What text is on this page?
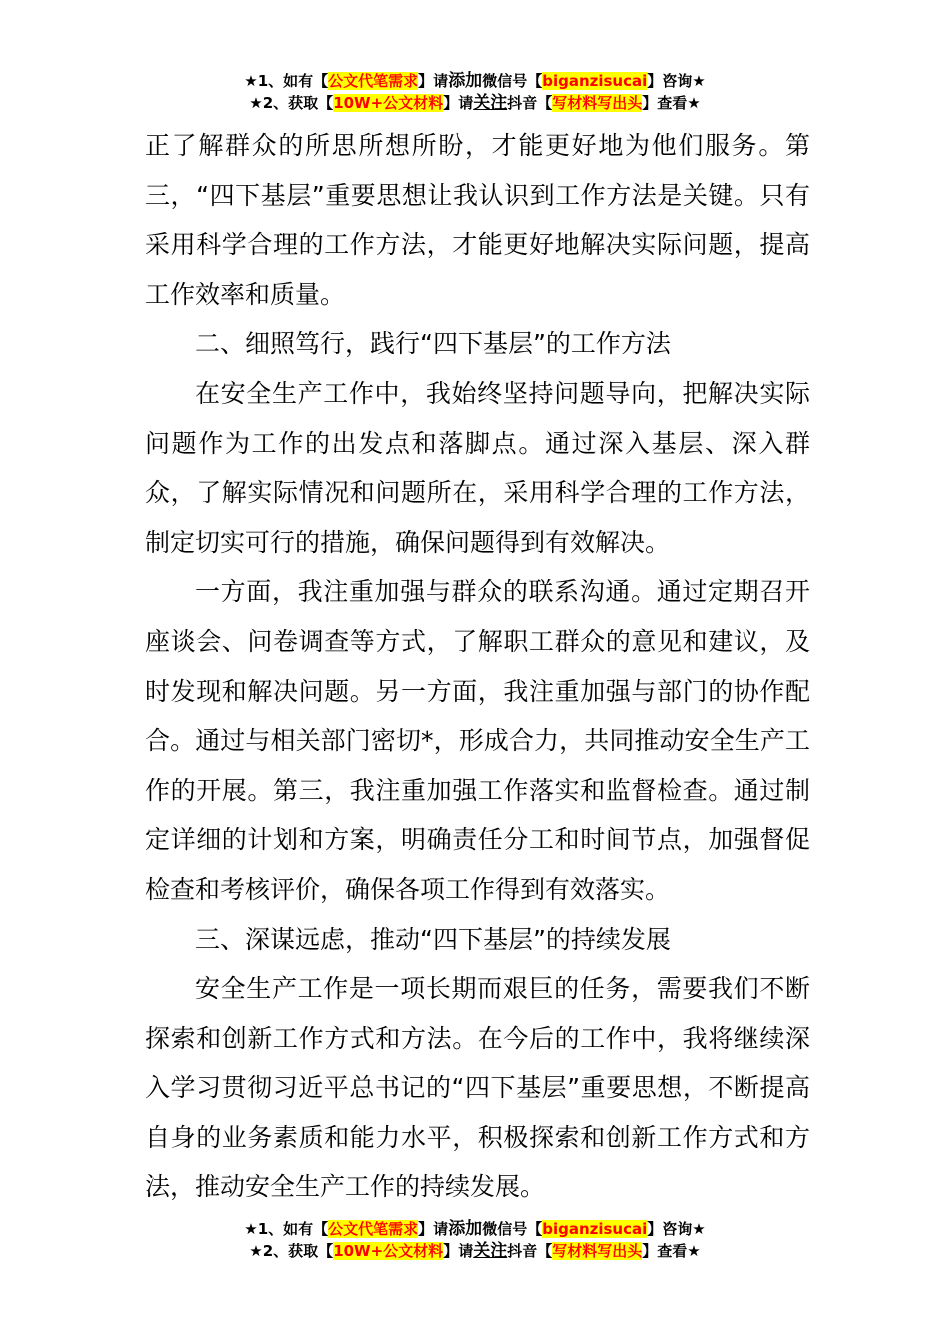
★1、如有【公文代笔需求】请添加微信号【biganzisucai】咨询★
★2、获取【10W+公文材料】请关注抖音【写材料写出头】查看★

正了解群众的所思所想所盼，才能更好地为他们服务。第三，“四下基层”重要思想让我认识到工作方法是关键。只有采用科学合理的工作方法，才能更好地解决实际问题，提高工作效率和质量。

二、细照笃行，践行“四下基层”的工作方法

在安全生产工作中，我始终坚持问题导向，把解决实际问题作为工作的出发点和落脚点。通过深入基层、深入群众，了解实际情况和问题所在，采用科学合理的工作方法，制定切实可行的措施，确保问题得到有效解决。

一方面，我注重加强与群众的联系沟通。通过定期召开座谈会、问卷调查等方式，了解职工群众的意见和建议，及时发现和解决问题。另一方面，我注重加强与部门的协作配合。通过与相关部门密切*，形成合力，共同推动安全生产工作的开展。第三，我注重加强工作落实和监督检查。通过制定详细的计划和方案，明确责任分工和时间节点，加强督促检查和考核评价，确保各项工作得到有效落实。

三、深谋远虑，推动“四下基层”的持续发展

安全生产工作是一项长期而艰巨的任务，需要我们不断探索和创新工作方式和方法。在今后的工作中，我将继续深入学习贯彻习近平总书记的“四下基层”重要思想，不断提高自身的业务素质和能力水平，积极探索和创新工作方式和方法，推动安全生产工作的持续发展。

★1、如有【公文代笔需求】请添加微信号【biganzisucai】咨询★
★2、获取【10W+公文材料】请关注抖音【写材料写出头】查看★
